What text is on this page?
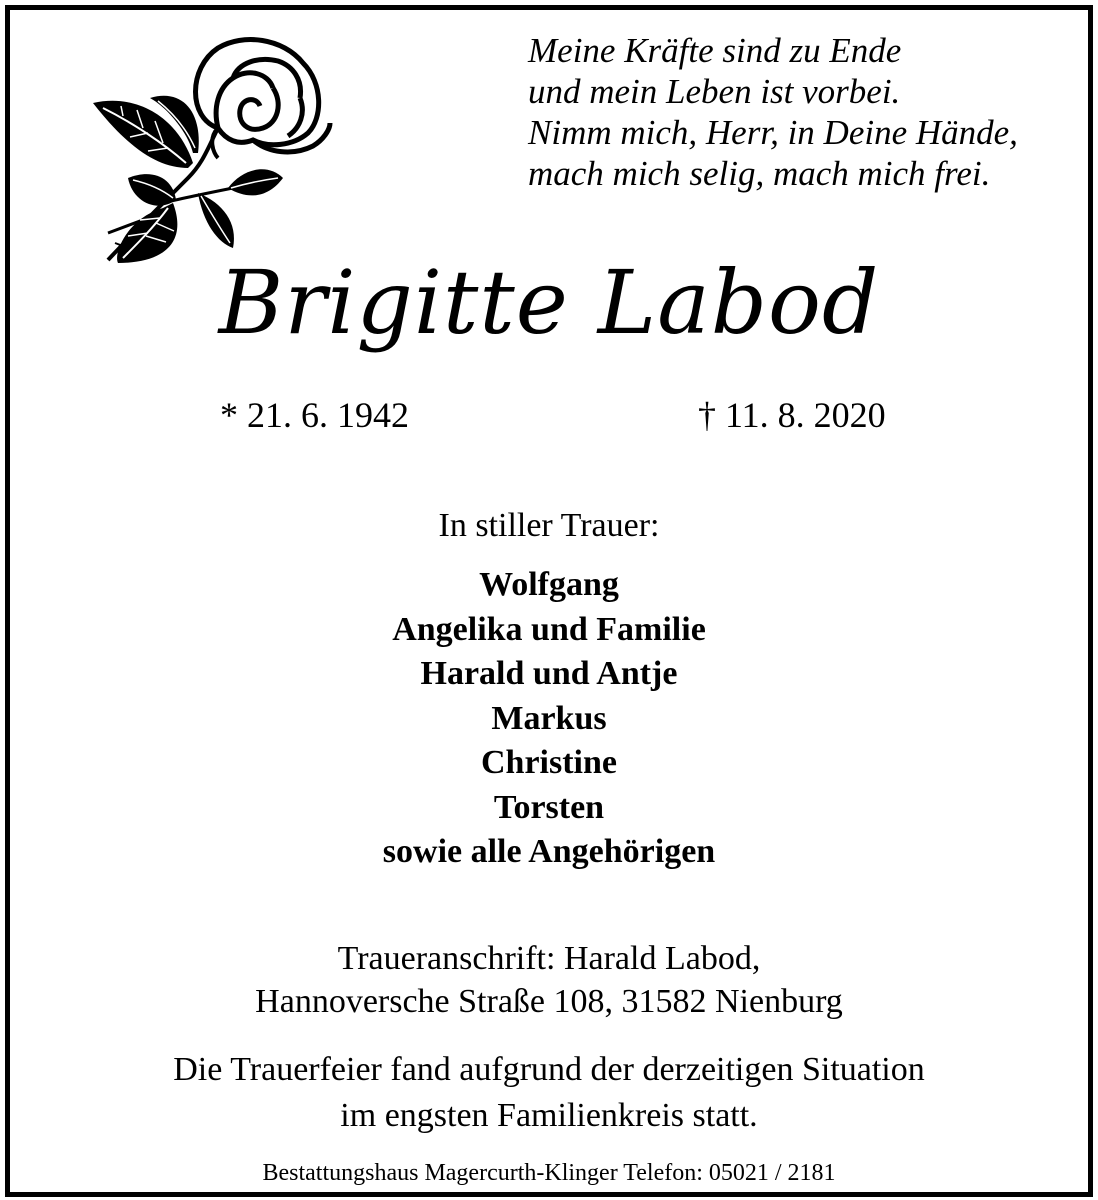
Meine Kräfte sind zu Ende
und mein Leben ist vorbei.
Nimm mich, Herr, in Deine Hände,
mach mich selig, mach mich frei.
Brigitte Labod
* 21. 6. 1942	† 11. 8. 2020
In stiller Trauer:
Wolfgang
Angelika und Familie
Harald und Antje
Markus
Christine
Torsten
sowie alle Angehörigen
Traueranschrift: Harald Labod,
Hannoversche Straße 108, 31582 Nienburg
Die Trauerfeier fand aufgrund der derzeitigen Situation
im engsten Familienkreis statt.
Bestattungshaus Magercurth-Klinger Telefon: 05021 / 2181
